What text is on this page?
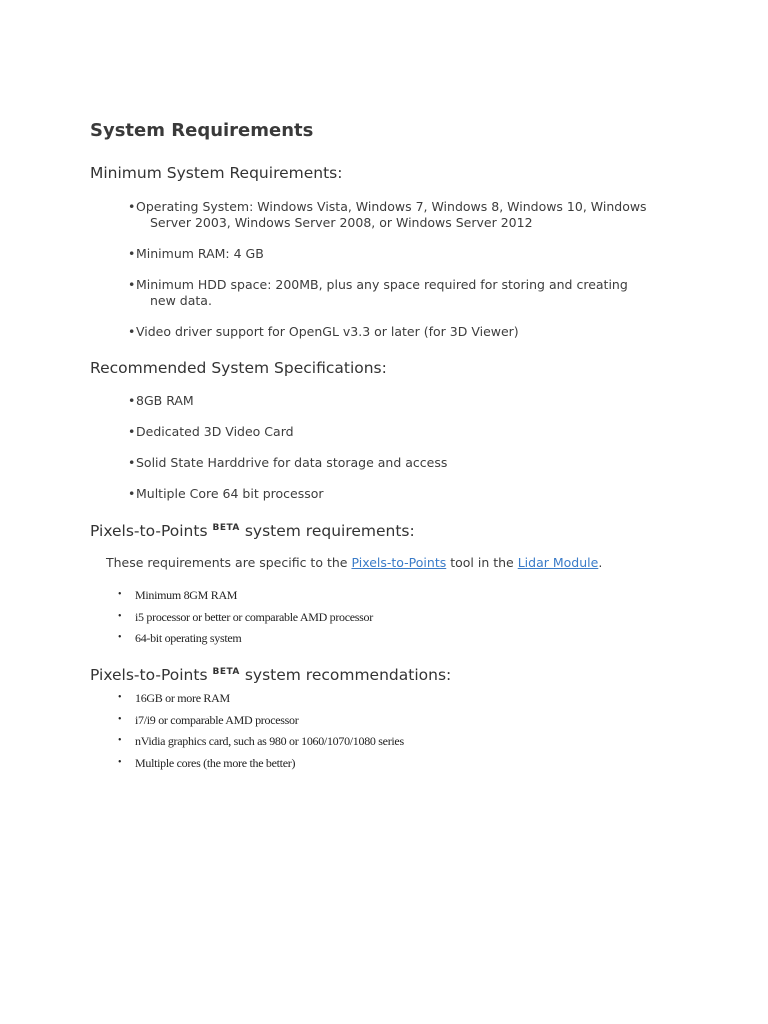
System Requirements
Minimum System Requirements:
• Operating System: Windows Vista, Windows 7, Windows 8, Windows 10, Windows Server 2003, Windows Server 2008, or Windows Server 2012
• Minimum RAM: 4 GB
• Minimum HDD space: 200MB, plus any space required for storing and creating new data.
• Video driver support for OpenGL v3.3 or later (for 3D Viewer)
Recommended System Specifications:
• 8GB RAM
• Dedicated 3D Video Card
• Solid State Harddrive for data storage and access
• Multiple Core 64 bit processor
Pixels-to-Points $^{BETA}$ system requirements:

These requirements are specific to the Pixels-to-Points tool in the Lidar Module.

• Minimum 8GM RAM
• i5 processor or better or comparable AMD processor
• 64-bit operating system
Pixels-to-Points $^{BETA}$ system recommendations:
• 16GB or more RAM
• i7/i9 or comparable AMD processor
• nVidia graphics card, such as 980 or 1060/1070/1080 series
• Multiple cores (the more the better)
